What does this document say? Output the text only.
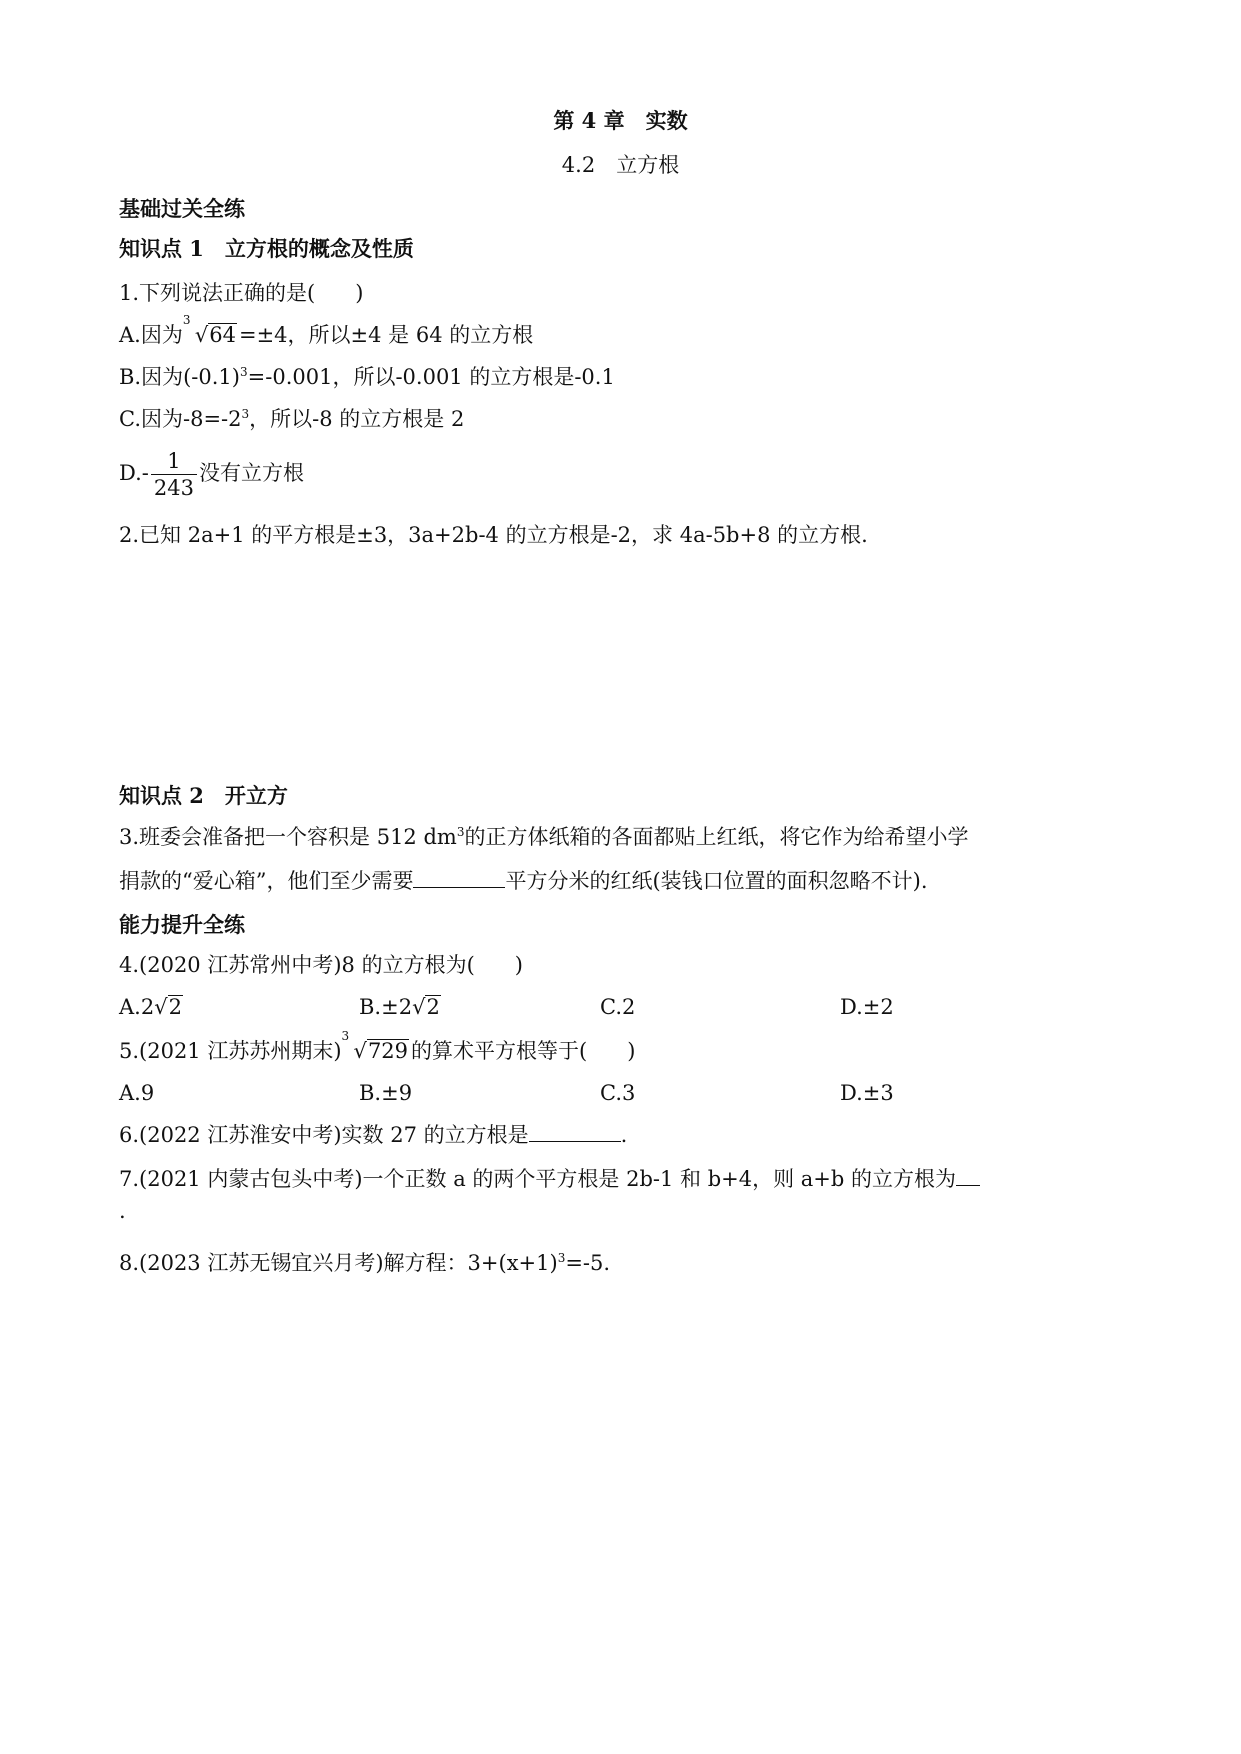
第 4 章　实数
4.2　立方根
基础过关全练
知识点 1　立方根的概念及性质
1.下列说法正确的是( )
A.因为
3
√64 =±4，所以±4 是 64 的立方根
B.因为$(-0.1)^3=-0.001$，所以-0.001 的立方根是-0.1
C.因为$-8=-2^3$，所以-8 的立方根是 2
$D.- \frac{1}{243}$ 没有立方根
2.已知 2a+1 的平方根是±3，3a+2b-4 的立方根是-2，求 4a-5b+8 的立方根.
知识点 2　开立方
3.班委会准备把一个容积是 512 $dm^3$的正方体纸箱的各面都贴上红纸，将它作为给希望小学
捐款的“爱心箱”，他们至少需要	平方分米的红纸(装钱口位置的面积忽略不计).
能力提升全练
4.(2020 江苏常州中考)8 的立方根为( )
A.2√2	B.±2√2	C.2	D.±2
5.(2021 江苏苏州期末)
3
√729 的算术平方根等于( )
A.9	B.±9	C.3	D.±3
6.(2022 江苏淮安中考)实数 27 的立方根是	.
7.(2021 内蒙古包头中考)一个正数 a 的两个平方根是 2b-1 和 b+4，则 a+b 的立方根为
.
8.(2023 江苏无锡宜兴月考)解方程：$3+(x+1)^3=-5$.
